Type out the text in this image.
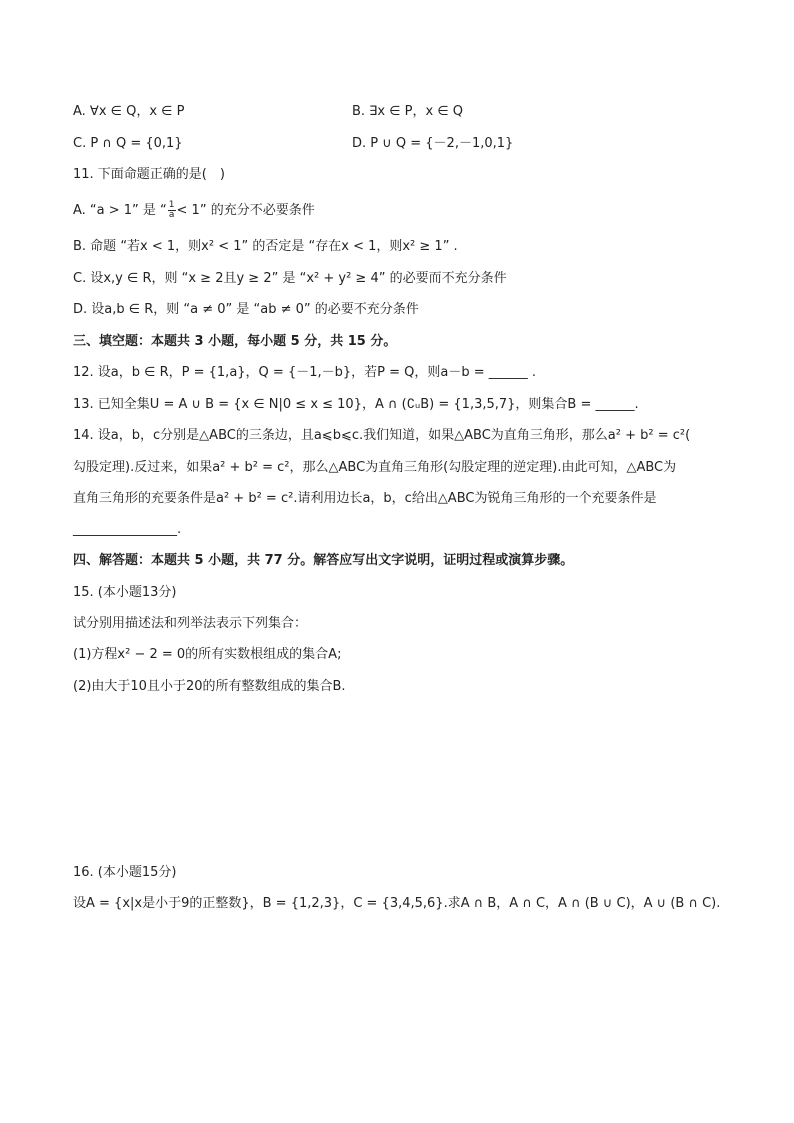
A. ∀x ∈ Q，x ∈ P	B. ∃x ∈ P，x ∈ Q
C. P ∩ Q = {0,1}	D. P ∪ Q = {－2,－1,0,1}
11. 下面命题正确的是(　)
A. “a > 1” 是 “ $\frac{1}{a} < 1$” 的充分不必要条件
B. 命题 “若x < 1，则x² < 1” 的否定是 “存在x < 1，则x² ≥ 1” .
C. 设x,y ∈ R，则 “x ≥ 2且y ≥ 2” 是 “x² + y² ≥ 4” 的必要而不充分条件
D. 设a,b ∈ R，则 “a ≠ 0” 是 “ab ≠ 0” 的必要不充分条件
三、填空题：本题共 3 小题，每小题 5 分，共 15 分。
12. 设a，b ∈ R，P = {1,a}，Q = {－1,－b}，若P = Q，则a－b = ______ .
13. 已知全集U = A ∪ B = {x ∈ N|0 ≤ x ≤ 10}，A ∩ (∁ᵤB) = {1,3,5,7}，则集合B = ______.
14. 设a，b，c分别是△ABC的三条边，且a⩽b⩽c.我们知道，如果△ABC为直角三角形，那么a² + b² = c²(
勾股定理).反过来，如果a² + b² = c²，那么△ABC为直角三角形(勾股定理的逆定理).由此可知，△ABC为
直角三角形的充要条件是a² + b² = c².请利用边长a，b，c给出△ABC为锐角三角形的一个充要条件是
________________.
四、解答题：本题共 5 小题，共 77 分。解答应写出文字说明，证明过程或演算步骤。
15. (本小题13分)
试分别用描述法和列举法表示下列集合：
(1)方程x² − 2 = 0的所有实数根组成的集合A;
(2)由大于10且小于20的所有整数组成的集合B.
16. (本小题15分)
设A = {x|x是小于9的正整数}，B = {1,2,3}，C = {3,4,5,6}.求A ∩ B，A ∩ C，A ∩ (B ∪ C)，A ∪ (B ∩ C).
